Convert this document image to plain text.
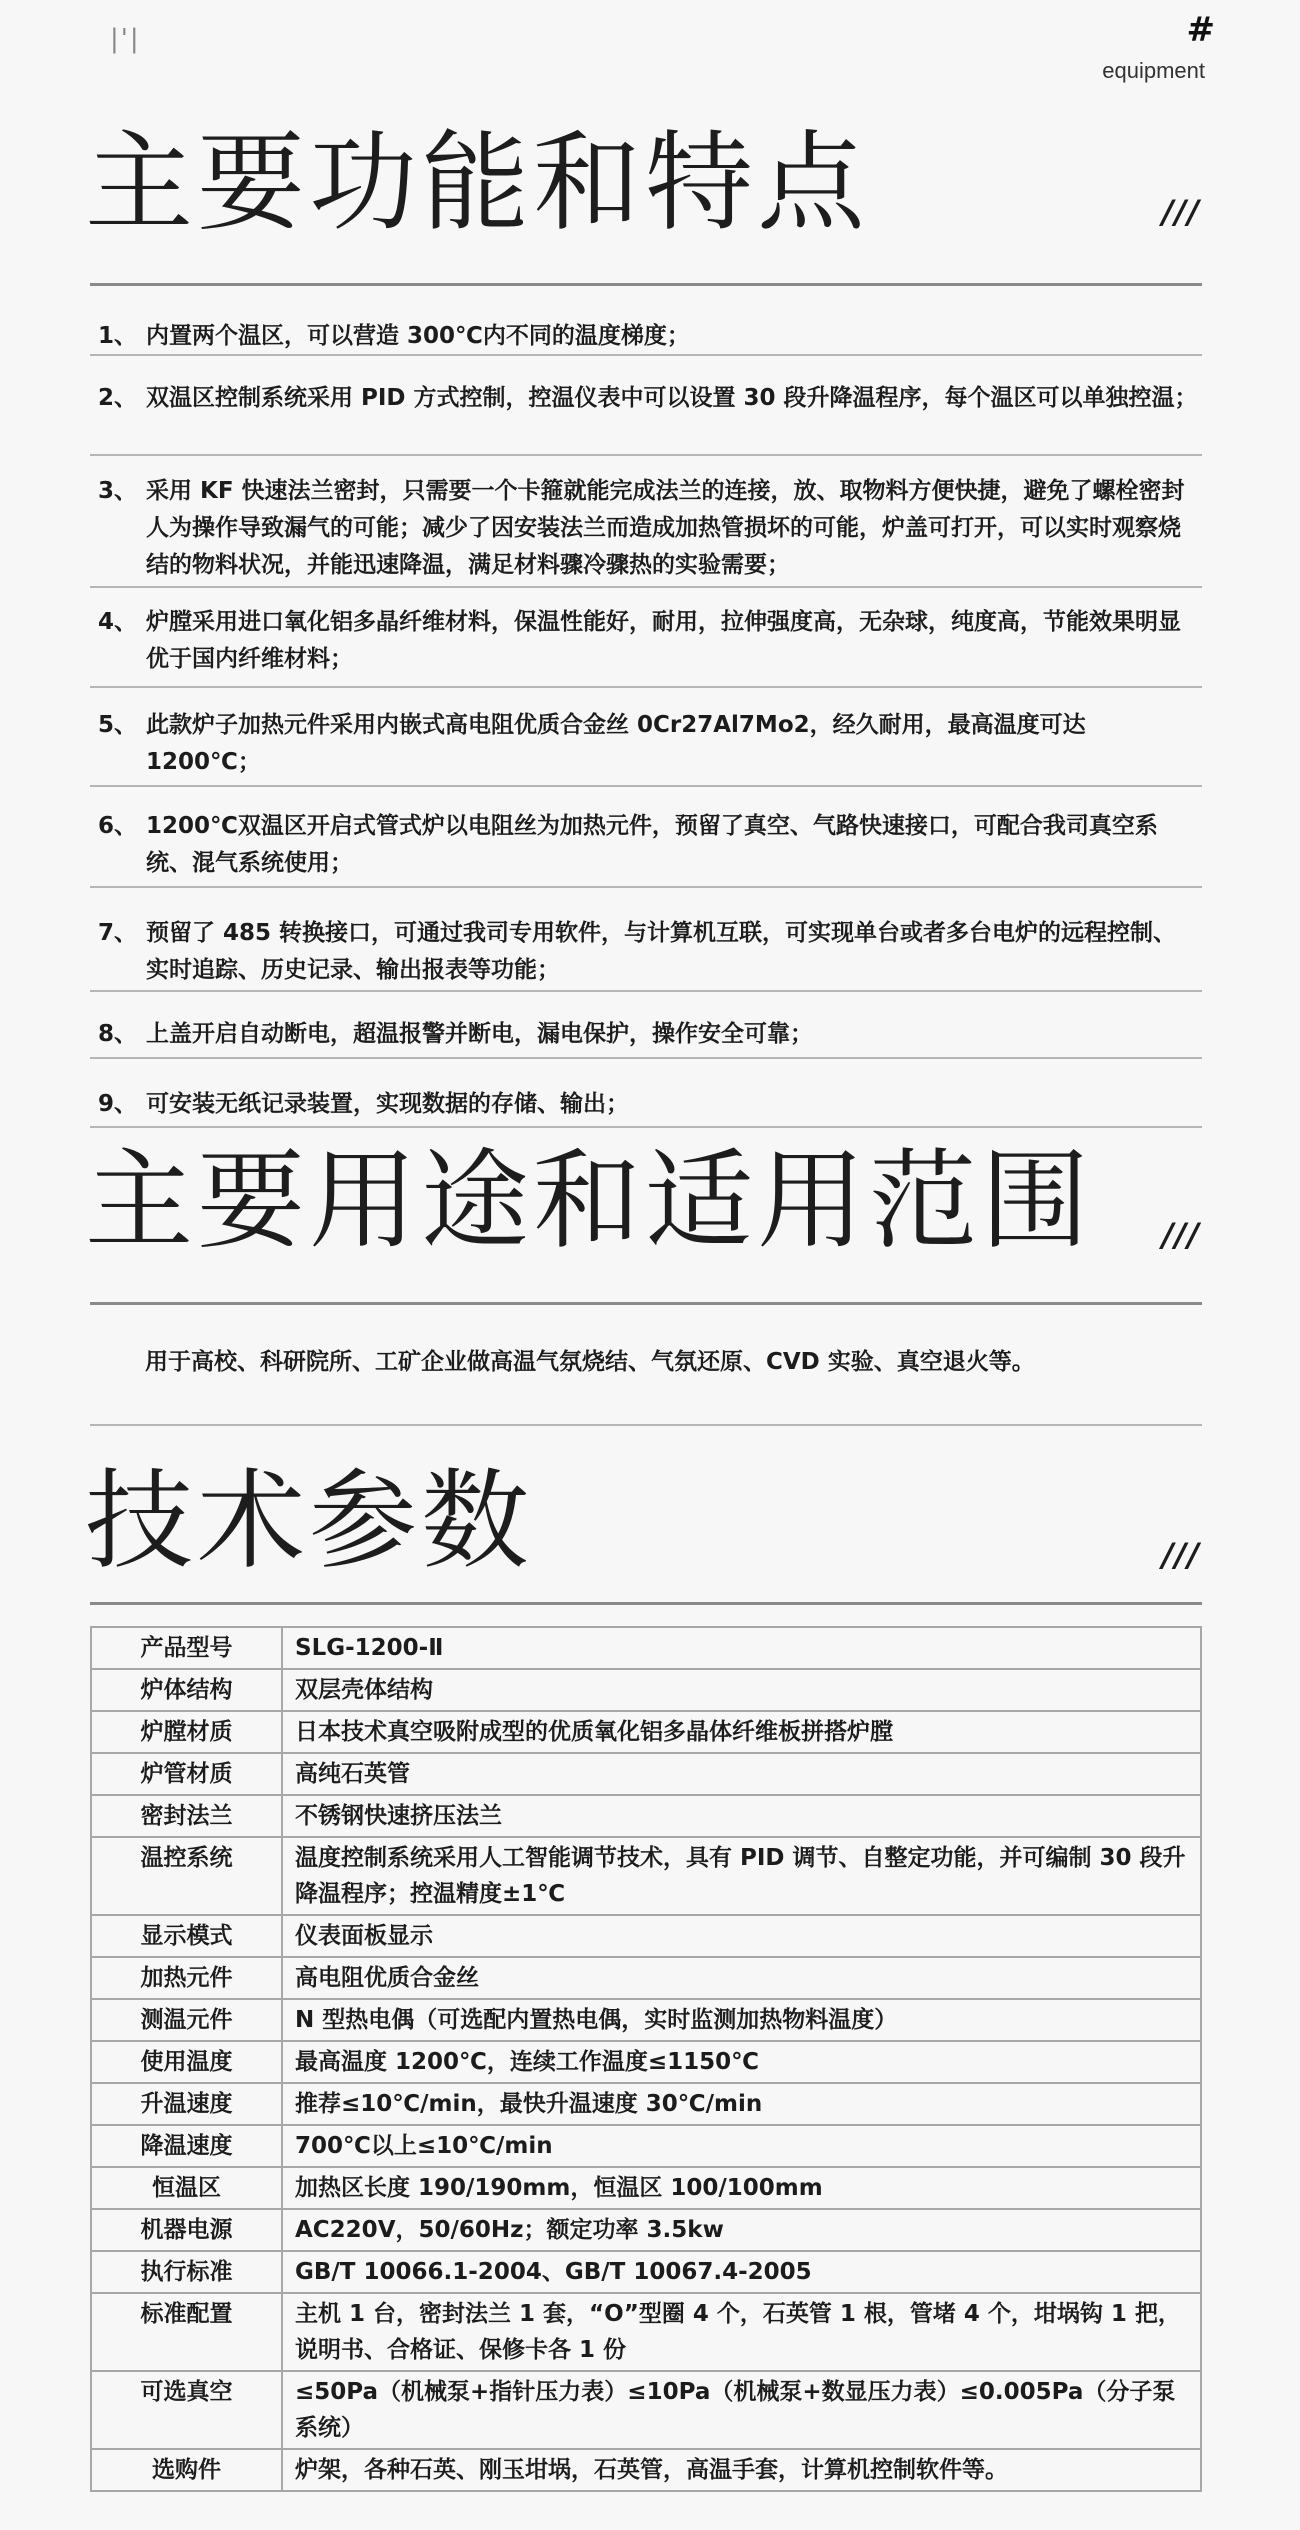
|'|	#
equipment
主要功能和特点	///
1、 内置两个温区，可以营造 300℃内不同的温度梯度；
2、 双温区控制系统采用 PID 方式控制，控温仪表中可以设置 30 段升降温程序，每个温区可以单独控温；
3、 采用 KF 快速法兰密封，只需要一个卡箍就能完成法兰的连接，放、取物料方便快捷，避免了螺栓密封人为操作导致漏气的可能；减少了因安装法兰而造成加热管损坏的可能，炉盖可打开，可以实时观察烧结的物料状况，并能迅速降温，满足材料骤冷骤热的实验需要；
4、 炉膛采用进口氧化铝多晶纤维材料，保温性能好，耐用，拉伸强度高，无杂球，纯度高，节能效果明显优于国内纤维材料；
5、 此款炉子加热元件采用内嵌式高电阻优质合金丝 0Cr27Al7Mo2，经久耐用，最高温度可达 1200℃；
6、 1200℃双温区开启式管式炉以电阻丝为加热元件，预留了真空、气路快速接口，可配合我司真空系统、混气系统使用；
7、 预留了 485 转换接口，可通过我司专用软件，与计算机互联，可实现单台或者多台电炉的远程控制、实时追踪、历史记录、输出报表等功能；
8、 上盖开启自动断电，超温报警并断电，漏电保护，操作安全可靠；
9、 可安装无纸记录装置，实现数据的存储、输出；
主要用途和适用范围 ///
用于高校、科研院所、工矿企业做高温气氛烧结、气氛还原、CVD 实验、真空退火等。
技术参数	///
产品型号	SLG-1200-Ⅱ
炉体结构	双层壳体结构
炉膛材质	日本技术真空吸附成型的优质氧化铝多晶体纤维板拼搭炉膛
炉管材质	高纯石英管
密封法兰	不锈钢快速挤压法兰
温控系统	温度控制系统采用人工智能调节技术，具有 PID 调节、自整定功能，并可编制 30 段升降温程序；控温精度±1℃
显示模式	仪表面板显示
加热元件	高电阻优质合金丝
测温元件	N 型热电偶（可选配内置热电偶，实时监测加热物料温度）
使用温度	最高温度 1200℃，连续工作温度≤1150℃
升温速度	推荐≤10℃/min，最快升温速度 30℃/min
降温速度	700℃以上≤10℃/min
恒温区	加热区长度 190/190mm，恒温区 100/100mm
机器电源	AC220V，50/60Hz；额定功率 3.5kw
执行标准	GB/T 10066.1-2004、GB/T 10067.4-2005
标准配置	主机 1 台，密封法兰 1 套，“O”型圈 4 个，石英管 1 根，管堵 4 个，坩埚钩 1 把，说明书、合格证、保修卡各 1 份
可选真空	≤50Pa（机械泵+指针压力表）≤10Pa（机械泵+数显压力表）≤0.005Pa（分子泵系统）
选购件	炉架，各种石英、刚玉坩埚，石英管，高温手套，计算机控制软件等。
